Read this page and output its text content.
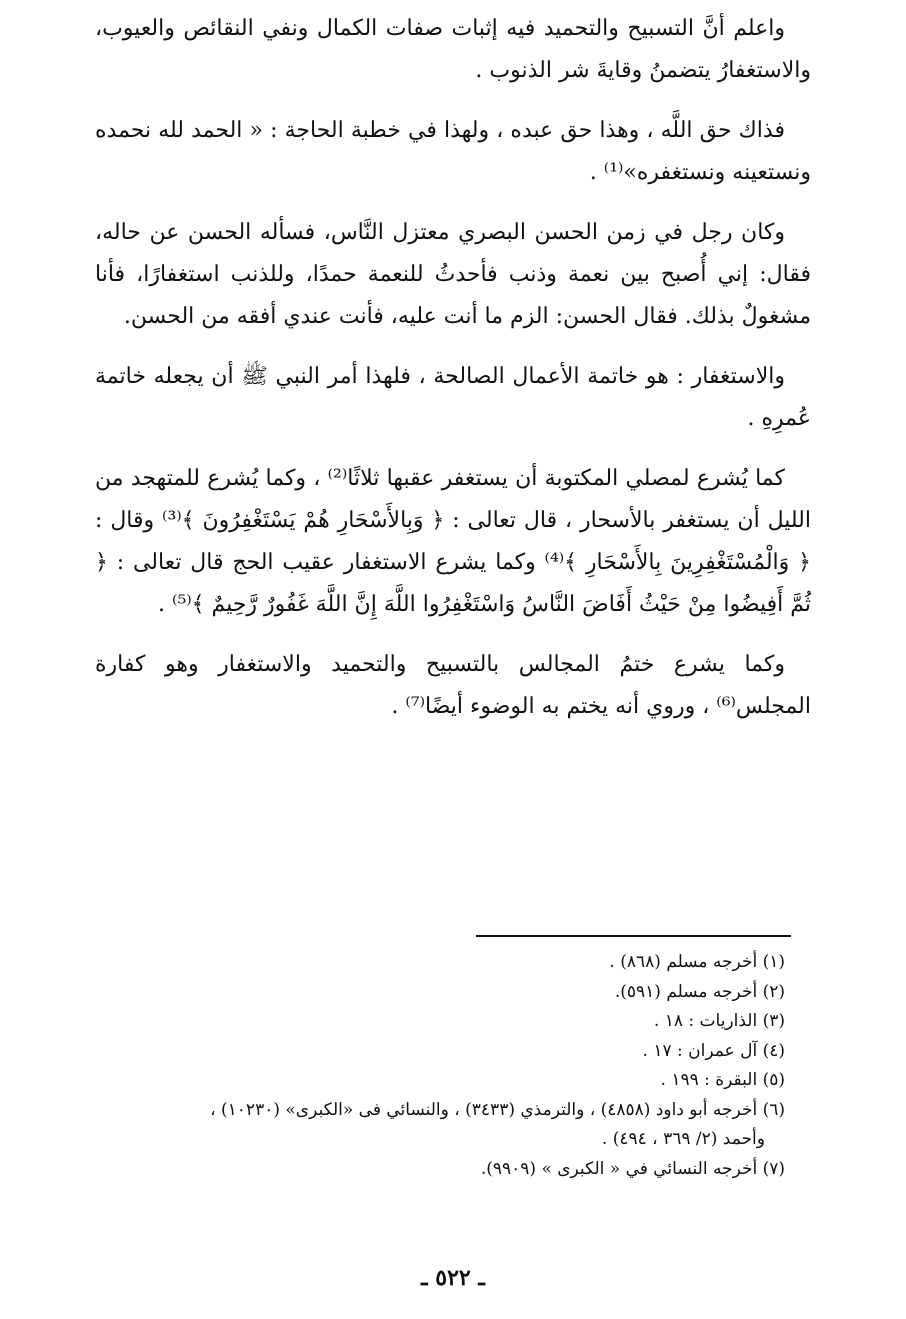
واعلم أنَّ التسبيح والتحميد فيه إثبات صفات الكمال ونفي النقائص والعيوب، والاستغفارُ يتضمنُ وقايةَ شر الذنوب .

فذاك حق اللَّه ، وهذا حق عبده ، ولهذا في خطبة الحاجة : « الحمد لله نحمده ونستعينه ونستغفره»⁽¹⁾ .

وكان رجل في زمن الحسن البصري معتزل النَّاس، فسأله الحسن عن حاله، فقال: إني أُصبح بين نعمة وذنب فأحدثُ للنعمة حمدًا، وللذنب استغفارًا، فأنا مشغولٌ بذلك. فقال الحسن: الزم ما أنت عليه، فأنت عندي أفقه من الحسن.

والاستغفار : هو خاتمة الأعمال الصالحة ، فلهذا أمر النبي ﷺ أن يجعله خاتمة عُمرِهِ .

كما يُشرع لمصلي المكتوبة أن يستغفر عقبها ثلاثًا⁽²⁾ ، وكما يُشرع للمتهجد من الليل أن يستغفر بالأسحار ، قال تعالى : ﴿ وَبِالأَسْحَارِ هُمْ يَسْتَغْفِرُونَ ﴾⁽³⁾ وقال : ﴿ وَالْمُسْتَغْفِرِينَ بِالأَسْحَارِ ﴾⁽⁴⁾ وكما يشرع الاستغفار عقيب الحج قال تعالى : ﴿ ثُمَّ أَفِيضُوا مِنْ حَيْثُ أَفَاضَ النَّاسُ وَاسْتَغْفِرُوا اللَّهَ إِنَّ اللَّهَ غَفُورٌ رَّحِيمٌ ﴾⁽⁵⁾ .

وكما يشرع ختمُ المجالس بالتسبيح والتحميد والاستغفار وهو كفارة المجلس⁽⁶⁾ ، وروي أنه يختم به الوضوء أيضًا⁽⁷⁾ .

(١) أخرجه مسلم (٨٦٨) .

(٢) أخرجه مسلم (٥٩١).

(٣) الذاريات : ١٨ .

(٤) آل عمران : ١٧ .

(٥) البقرة : ١٩٩ .

(٦) أخرجه أبو داود (٤٨٥٨) ، والترمذي (٣٤٣٣) ، والنسائي فى «الكبرى» (١٠٢٣٠) ،

وأحمد (٢/ ٣٦٩ ، ٤٩٤) .

(٧) أخرجه النسائي في « الكبرى » (٩٩٠٩).

ـ ٥٢٢ ـ
